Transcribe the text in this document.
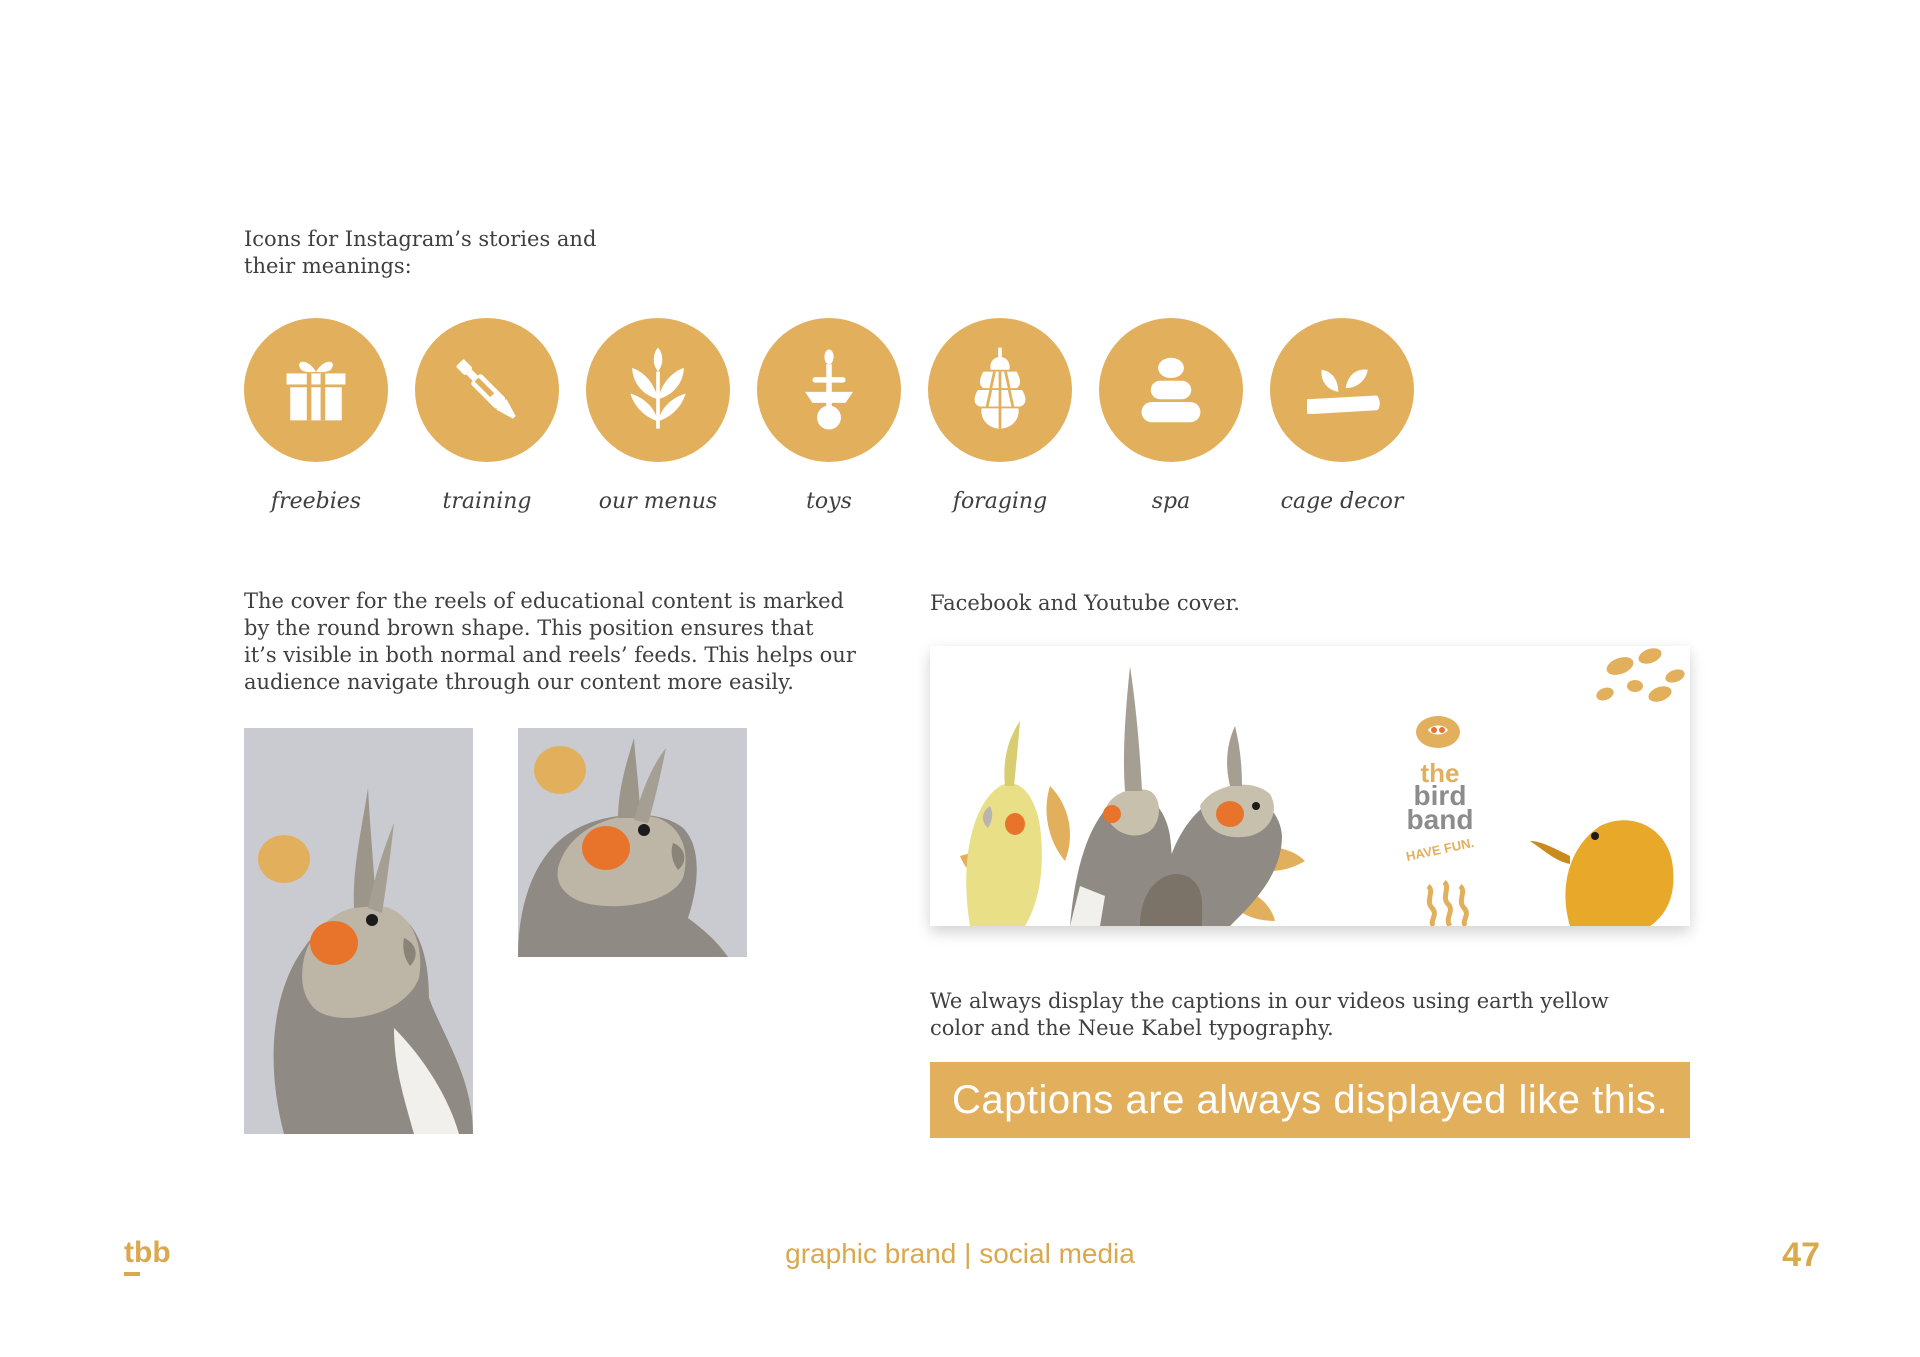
Icons for Instagram’s stories and
their meanings:
freebies	training	our menus	toys	foraging	spa	cage decor
The cover for the reels of educational content is marked
by the round brown shape. This position ensures that
it’s visible in both normal and reels’ feeds. This helps our
audience navigate through our content more easily.
Facebook and Youtube cover.
the
bird
band
HAVE FUN.
We always display the captions in our videos using earth yellow
color and the Neue Kabel typography.
Captions are always displayed like this.
tbb	graphic brand | social media	47
